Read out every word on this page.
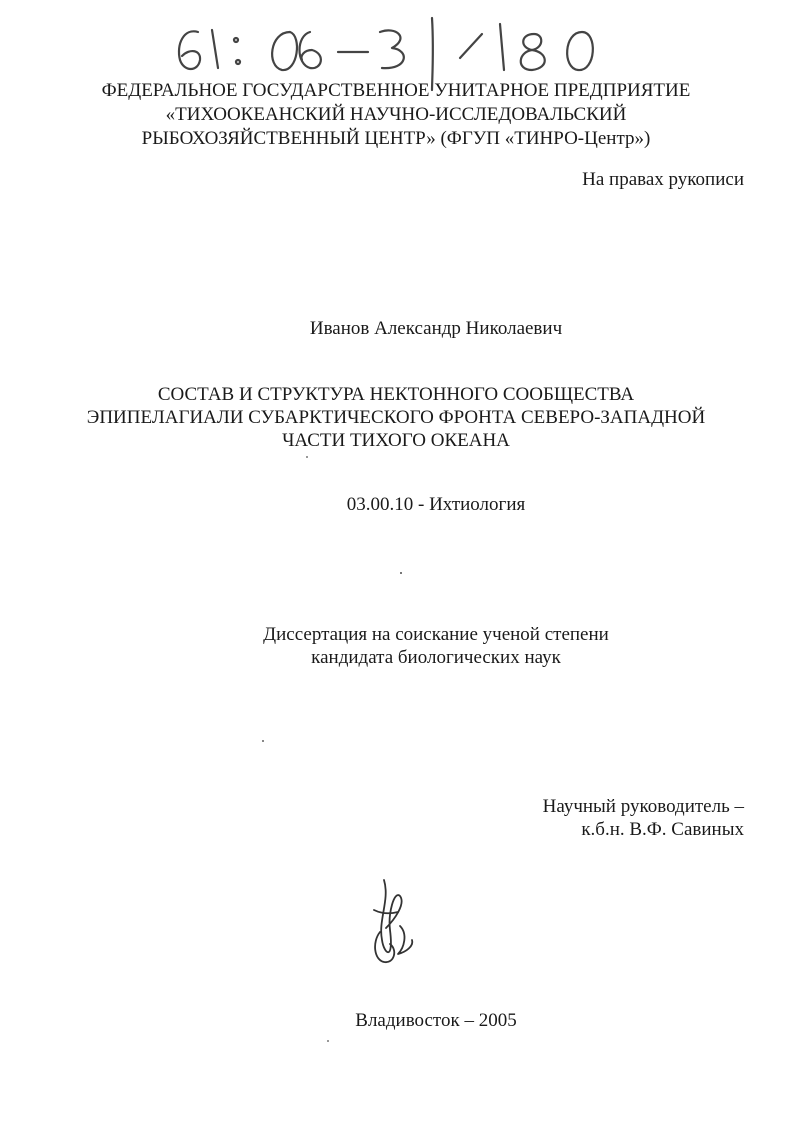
ФЕДЕРАЛЬНОЕ ГОСУДАРСТВЕННОЕ УНИТАРНОЕ ПРЕДПРИЯТИЕ
«ТИХООКЕАНСКИЙ НАУЧНО-ИССЛЕДОВАЛЬСКИЙ
РЫБОХОЗЯЙСТВЕННЫЙ ЦЕНТР» (ФГУП «ТИНРО-Центр»)
На правах рукописи
Иванов Александр Николаевич
СОСТАВ И СТРУКТУРА НЕКТОННОГО СООБЩЕСТВА
ЭПИПЕЛАГИАЛИ СУБАРКТИЧЕСКОГО ФРОНТА СЕВЕРО-ЗАПАДНОЙ
ЧАСТИ ТИХОГО ОКЕАНА
03.00.10 - Ихтиология
Диссертация на соискание ученой степени
кандидата биологических наук
Научный руководитель –
к.б.н. В.Ф. Савиных
Владивосток – 2005
